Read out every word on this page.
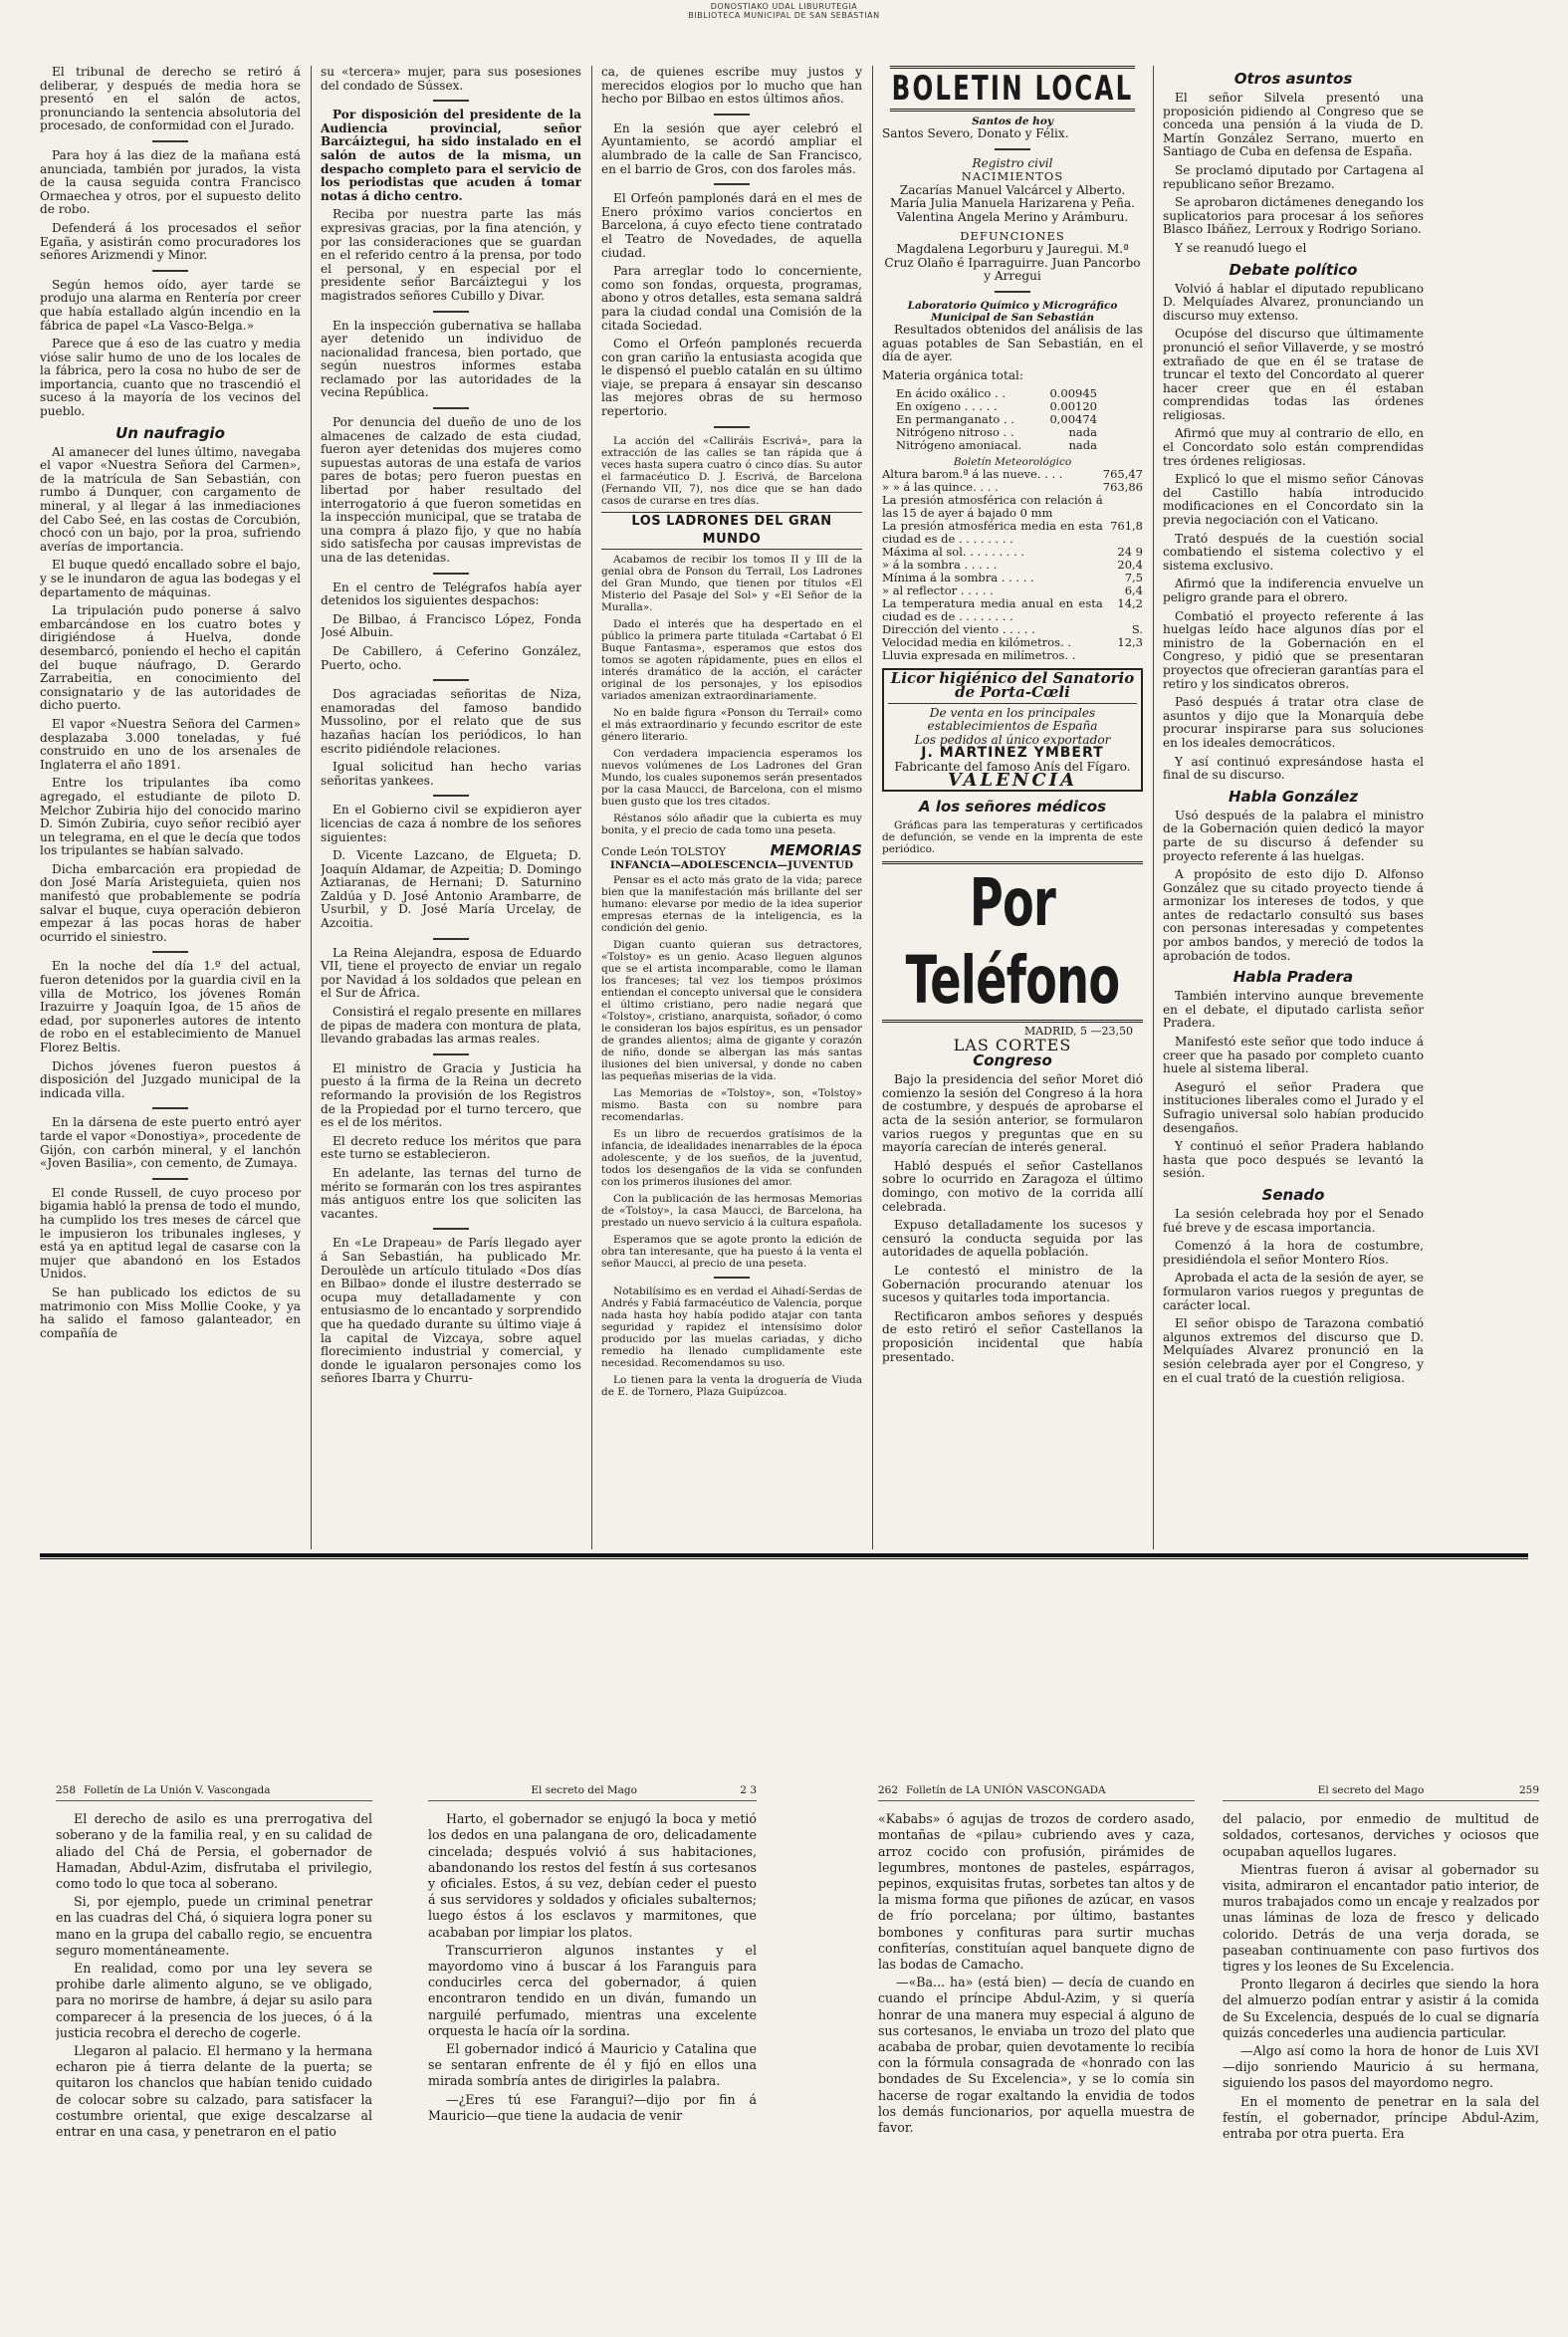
DONOSTIAKO UDAL LIBURUTEGIA
BIBLIOTECA MUNICIPAL DE SAN SEBASTIAN

El tribunal de derecho se retiró á deliberar, y después de media hora se presentó en el salón de actos, pronunciando la sentencia absolutoria del procesado, de conformidad con el Jurado.

Para hoy á las diez de la mañana está anunciada, también por jurados, la vista de la causa seguida contra Francisco Ormaechea y otros, por el supuesto delito de robo.

Defenderá á los procesados el señor Egaña, y asistirán como procuradores los señores Arizmendi y Minor.

Según hemos oído, ayer tarde se produjo una alarma en Rentería por creer que había estallado algún incendio en la fábrica de papel «La Vasco-Belga.»

Parece que á eso de las cuatro y media vióse salir humo de uno de los locales de la fábrica, pero la cosa no hubo de ser de importancia, cuanto que no trascendió el suceso á la mayoría de los vecinos del pueblo.

Un naufragio

Al amanecer del lunes último, navegaba el vapor «Nuestra Señora del Carmen», de la matrícula de San Sebastián, con rumbo á Dunquer, con cargamento de mineral, y al llegar á las inmediaciones del Cabo Seé, en las costas de Corcubión, chocó con un bajo, por la proa, sufriendo averías de importancia.

El buque quedó encallado sobre el bajo, y se le inundaron de agua las bodegas y el departamento de máquinas.

La tripulación pudo ponerse á salvo embarcándose en los cuatro botes y dirigiéndose á Huelva, donde desembarcó, poniendo el hecho el capitán del buque náufrago, D. Gerardo Zarrabeitia, en conocimiento del consignatario y de las autoridades de dicho puerto.

El vapor «Nuestra Señora del Carmen» desplazaba 3.000 toneladas, y fué construido en uno de los arsenales de Inglaterra el año 1891.

Entre los tripulantes iba como agregado, el estudiante de piloto D. Melchor Zubiria hijo del conocido marino D. Simón Zubiria, cuyo señor recibió ayer un telegrama, en el que le decía que todos los tripulantes se habían salvado.

Dicha embarcación era propiedad de don José María Aristeguieta, quien nos manifestó que probablemente se podría salvar el buque, cuya operación debieron empezar á las pocas horas de haber ocurrido el siniestro.

En la noche del día 1.º del actual, fueron detenidos por la guardia civil en la villa de Motrico, los jóvenes Román Irazuirre y Joaquín Igoa, de 15 años de edad, por suponerles autores de intento de robo en el establecimiento de Manuel Florez Beltis.

Dichos jóvenes fueron puestos á disposición del Juzgado municipal de la indicada villa.

En la dársena de este puerto entró ayer tarde el vapor «Donostiya», procedente de Gijón, con carbón mineral, y el lanchón «Joven Basilia», con cemento, de Zumaya.

El conde Russell, de cuyo proceso por bigamia habló la prensa de todo el mundo, ha cumplido los tres meses de cárcel que le impusieron los tribunales ingleses, y está ya en aptitud legal de casarse con la mujer que abandonó en los Estados Unidos.

Se han publicado los edictos de su matrimonio con Miss Mollie Cooke, y ya ha salido el famoso galanteador, en compañía de

su «tercera» mujer, para sus posesiones del condado de Sússex.

Por disposición del presidente de la Audiencia provincial, señor Barcáiztegui, ha sido instalado en el salón de autos de la misma, un despacho completo para el servicio de los periodistas que acuden á tomar notas á dicho centro.

Reciba por nuestra parte las más expresivas gracias, por la fina atención, y por las consideraciones que se guardan en el referido centro á la prensa, por todo el personal, y en especial por el presidente señor Barcáiztegui y los magistrados señores Cubillo y Divar.

En la inspección gubernativa se hallaba ayer detenido un individuo de nacionalidad francesa, bien portado, que según nuestros informes estaba reclamado por las autoridades de la vecina República.

Por denuncia del dueño de uno de los almacenes de calzado de esta ciudad, fueron ayer detenidas dos mujeres como supuestas autoras de una estafa de varios pares de botas; pero fueron puestas en libertad por haber resultado del interrogatorio á que fueron sometidas en la inspección municipal, que se trataba de una compra á plazo fijo, y que no había sido satisfecha por causas imprevistas de una de las detenidas.

En el centro de Telégrafos había ayer detenidos los siguientes despachos:

De Bilbao, á Francisco López, Fonda José Albuin.

De Cabillero, á Ceferino González, Puerto, ocho.

Dos agraciadas señoritas de Niza, enamoradas del famoso bandido Mussolino, por el relato que de sus hazañas hacían los periódicos, lo han escrito pidiéndole relaciones.

Igual solicitud han hecho varias señoritas yankees.

En el Gobierno civil se expidieron ayer licencias de caza á nombre de los señores siguientes:

D. Vicente Lazcano, de Elgueta; D. Joaquín Aldamar, de Azpeitia; D. Domingo Aztiaranas, de Hernani; D. Saturnino Zaldúa y D. José Antonio Arambarre, de Usurbil, y D. José María Urcelay, de Azcoitia.

La Reina Alejandra, esposa de Eduardo VII, tiene el proyecto de enviar un regalo por Navidad á los soldados que pelean en el Sur de África.

Consistirá el regalo presente en millares de pipas de madera con montura de plata, llevando grabadas las armas reales.

El ministro de Gracia y Justicia ha puesto á la firma de la Reina un decreto reformando la provisión de los Registros de la Propiedad por el turno tercero, que es el de los méritos.

El decreto reduce los méritos que para este turno se establecieron.

En adelante, las ternas del turno de mérito se formarán con los tres aspirantes más antiguos entre los que soliciten las vacantes.

En «Le Drapeau» de París llegado ayer á San Sebastián, ha publicado Mr. Deroulède un artículo titulado «Dos días en Bilbao» donde el ilustre desterrado se ocupa muy detalladamente y con entusiasmo de lo encantado y sorprendido que ha quedado durante su último viaje á la capital de Vizcaya, sobre aquel florecimiento industrial y comercial, y donde le igualaron personajes como los señores Ibarra y Churru-

ca, de quienes escribe muy justos y merecidos elogios por lo mucho que han hecho por Bilbao en estos últimos años.

En la sesión que ayer celebró el Ayuntamiento, se acordó ampliar el alumbrado de la calle de San Francisco, en el barrio de Gros, con dos faroles más.

El Orfeón pamplonés dará en el mes de Enero próximo varios conciertos en Barcelona, á cuyo efecto tiene contratado el Teatro de Novedades, de aquella ciudad.

Para arreglar todo lo concerniente, como son fondas, orquesta, programas, abono y otros detalles, esta semana saldrá para la ciudad condal una Comisión de la citada Sociedad.

Como el Orfeón pamplonés recuerda con gran cariño la entusiasta acogida que le dispensó el pueblo catalán en su último viaje, se prepara á ensayar sin descanso las mejores obras de su hermoso repertorio.

La acción del «Calliráis Escrivá», para la extracción de las calles se tan rápida que á veces hasta supera cuatro ó cinco días. Su autor el farmacéutico D. J. Escrivá, de Barcelona (Fernando VII, 7), nos dice que se han dado casos de curarse en tres días.

LOS LADRONES DEL GRAN MUNDO

Acabamos de recibir los tomos II y III de la genial obra de Ponson du Terrail, Los Ladrones del Gran Mundo, que tienen por títulos «El Misterio del Pasaje del Sol» y «El Señor de la Muralla».

Dado el interés que ha despertado en el público la primera parte titulada «Cartabat ó El Buque Fantasma», esperamos que estos dos tomos se agoten rápidamente, pues en ellos el interés dramático de la acción, el carácter original de los personajes, y los episodios variados amenizan extraordinariamente.

No en balde figura «Ponson du Terrail» como el más extraordinario y fecundo escritor de este género literario.

Con verdadera impaciencia esperamos los nuevos volúmenes de Los Ladrones del Gran Mundo, los cuales suponemos serán presentados por la casa Maucci, de Barcelona, con el mismo buen gusto que los tres citados.

Réstanos sólo añadir que la cubierta es muy bonita, y el precio de cada tomo una peseta.

Conde León TOLSTOY	MEMORIAS
INFANCIA—ADOLESCENCIA—JUVENTUD

Pensar es el acto más grato de la vida; parece bien que la manifestación más brillante del ser humano: elevarse por medio de la idea superior empresas eternas de la inteligencia, es la condición del genio.

Digan cuanto quieran sus detractores, «Tolstoy» es un genio. Acaso lleguen algunos que se el artista incomparable, como le llaman los franceses; tal vez los tiempos próximos entiendan el concepto universal que le considera el último cristiano, pero nadie negará que «Tolstoy», cristiano, anarquista, soñador, ó como le consideran los bajos espíritus, es un pensador de grandes alientos; alma de gigante y corazón de niño, donde se albergan las más santas ilusiones del bien universal, y donde no caben las pequeñas miserias de la vida.

Las Memorias de «Tolstoy», son, «Tolstoy» mismo. Basta con su nombre para recomendarlas.

Es un libro de recuerdos gratísimos de la infancia, de idealidades inenarrables de la época adolescente, y de los sueños, de la juventud, todos los desengaños de la vida se confunden con los primeros ilusiones del amor.

Con la publicación de las hermosas Memorias de «Tolstoy», la casa Maucci, de Barcelona, ha prestado un nuevo servicio á la cultura española.

Esperamos que se agote pronto la edición de obra tan interesante, que ha puesto á la venta el señor Maucci, al precio de una peseta.

Notabilísimo es en verdad el Aihadí-Serdas de Andrés y Fabiá farmacéutico de Valencia, porque nada hasta hoy había podido atajar con tanta seguridad y rapidez el intensísimo dolor producido por las muelas cariadas, y dicho remedio ha llenado cumplidamente este necesidad. Recomendamos su uso.

Lo tienen para la venta la droguería de Viuda de E. de Tornero, Plaza Guipúzcoa.

BOLETIN LOCAL
Santos de hoy

Santos Severo, Donato y Félix.

Registro civil
NACIMIENTOS

Zacarías Manuel Valcárcel y Alberto. María Julia Manuela Harizarena y Peña. Valentina Angela Merino y Arámburu.

DEFUNCIONES

Magdalena Legorburu y Jauregui. M.ª Cruz Olaño é Iparraguirre. Juan Pancorbo y Arregui

Laboratorio Químico y Micrográfico
Municipal de San Sebastián

Resultados obtenidos del análisis de las aguas potables de San Sebastián, en el día de ayer.

Materia orgánica total:

En ácido oxálico . .	0.00945
En oxígeno . . . . .	0.00120
En permanganato . .	0,00474
Nitrógeno nitroso . .	nada
Nitrógeno amoniacal.	nada
Boletín Meteorológico
Altura barom.ª á las nueve. . . .	765,47
» » á las quince. . . .	763,86
La presión atmosférica con relación á las 15 de ayer á bajado 0 mm	
La presión atmosférica media en esta ciudad es de . . . . . . . .	761,8
Máxima al sol. . . . . . . . .	24 9
» á la sombra . . . . .	20,4
Mínima á la sombra . . . . .	7,5
» al reflector . . . . .	6,4
La temperatura media anual en esta ciudad es de . . . . . . . .	14,2
Dirección del viento . . . . .	S.
Velocidad media en kilómetros. .	12,3
Lluvia expresada en milímetros. .	
Licor higiénico del Sanatorio de Porta-Cœli
De venta en los principales
establecimientos de España
Los pedidos al único exportador
J. MARTINEZ YMBERT
Fabricante del famoso Anís del Fígaro.
VALENCIA
A los señores médicos

Gráficas para las temperaturas y certificados de defunción, se vende en la imprenta de este periódico.

Por Teléfono
MADRID, 5 —23,50
LAS CORTES
Congreso

Bajo la presidencia del señor Moret dió comienzo la sesión del Congreso á la hora de costumbre, y después de aprobarse el acta de la sesión anterior, se formularon varios ruegos y preguntas que en su mayoría carecían de interés general.

Habló después el señor Castellanos sobre lo ocurrido en Zaragoza el último domingo, con motivo de la corrida allí celebrada.

Expuso detalladamente los sucesos y censuró la conducta seguida por las autoridades de aquella población.

Le contestó el ministro de la Gobernación procurando atenuar los sucesos y quitarles toda importancia.

Rectificaron ambos señores y después de esto retiró el señor Castellanos la proposición incidental que había presentado.

Otros asuntos

El señor Silvela presentó una proposición pidiendo al Congreso que se conceda una pensión á la viuda de D. Martín González Serrano, muerto en Santiago de Cuba en defensa de España.

Se proclamó diputado por Cartagena al republicano señor Brezamo.

Se aprobaron dictámenes denegando los suplicatorios para procesar á los señores Blasco Ibáñez, Lerroux y Rodrigo Soriano.

Y se reanudó luego el

Debate político

Volvió á hablar el diputado republicano D. Melquíades Alvarez, pronunciando un discurso muy extenso.

Ocupóse del discurso que últimamente pronunció el señor Villaverde, y se mostró extrañado de que en él se tratase de truncar el texto del Concordato al querer hacer creer que en él estaban comprendidas todas las órdenes religiosas.

Afirmó que muy al contrario de ello, en el Concordato solo están comprendidas tres órdenes religiosas.

Explicó lo que el mismo señor Cánovas del Castillo había introducido modificaciones en el Concordato sin la previa negociación con el Vaticano.

Trató después de la cuestión social combatiendo el sistema colectivo y el sistema exclusivo.

Afirmó que la indiferencia envuelve un peligro grande para el obrero.

Combatió el proyecto referente á las huelgas leído hace algunos días por el ministro de la Gobernación en el Congreso, y pidió que se presentaran proyectos que ofrecieran garantías para el retiro y los sindicatos obreros.

Pasó después á tratar otra clase de asuntos y dijo que la Monarquía debe procurar inspirarse para sus soluciones en los ideales democráticos.

Y así continuó expresándose hasta el final de su discurso.

Habla González

Usó después de la palabra el ministro de la Gobernación quien dedicó la mayor parte de su discurso á defender su proyecto referente á las huelgas.

A propósito de esto dijo D. Alfonso González que su citado proyecto tiende á armonizar los intereses de todos, y que antes de redactarlo consultó sus bases con personas interesadas y competentes por ambos bandos, y mereció de todos la aprobación de todos.

Habla Pradera

También intervino aunque brevemente en el debate, el diputado carlista señor Pradera.

Manifestó este señor que todo induce á creer que ha pasado por completo cuanto huele al sistema liberal.

Aseguró el señor Pradera que instituciones liberales como el Jurado y el Sufragio universal solo habían producido desengaños.

Y continuó el señor Pradera hablando hasta que poco después se levantó la sesión.

Senado

La sesión celebrada hoy por el Senado fué breve y de escasa importancia.

Comenzó á la hora de costumbre, presidiéndola el señor Montero Ríos.

Aprobada el acta de la sesión de ayer, se formularon varios ruegos y preguntas de carácter local.

El señor obispo de Tarazona combatió algunos extremos del discurso que D. Melquíades Alvarez pronunció en la sesión celebrada ayer por el Congreso, y en el cual trató de la cuestión religiosa.

258 Folletín de La Unión V. Vascongada

El derecho de asilo es una prerrogativa del soberano y de la familia real, y en su calidad de aliado del Chá de Persia, el gobernador de Hamadan, Abdul-Azim, disfrutaba el privilegio, como todo lo que toca al soberano.

Si, por ejemplo, puede un criminal penetrar en las cuadras del Chá, ó siquiera logra poner su mano en la grupa del caballo regio, se encuentra seguro momentáneamente.

En realidad, como por una ley severa se prohibe darle alimento alguno, se ve obligado, para no morirse de hambre, á dejar su asilo para comparecer á la presencia de los jueces, ó á la justicia recobra el derecho de cogerle.

Llegaron al palacio. El hermano y la hermana echaron pie á tierra delante de la puerta; se quitaron los chanclos que habían tenido cuidado de colocar sobre su calzado, para satisfacer la costumbre oriental, que exige descalzarse al entrar en una casa, y penetraron en el patio

El secreto del Mago	2 3

Harto, el gobernador se enjugó la boca y metió los dedos en una palangana de oro, delicadamente cincelada; después volvió á sus habitaciones, abandonando los restos del festín á sus cortesanos y oficiales. Estos, á su vez, debían ceder el puesto á sus servidores y soldados y oficiales subalternos; luego éstos á los esclavos y marmitones, que acababan por limpiar los platos.

Transcurrieron algunos instantes y el mayordomo vino á buscar á los Faranguis para conducirles cerca del gobernador, á quien encontraron tendido en un diván, fumando un narguilé perfumado, mientras una excelente orquesta le hacía oír la sordina.

El gobernador indicó á Mauricio y Catalina que se sentaran enfrente de él y fijó en ellos una mirada sombría antes de dirigirles la palabra.

—¿Eres tú ese Farangui?—dijo por fin á Mauricio—que tiene la audacia de venir

262 Folletín de LA UNIÓN VASCONGADA

«Kababs» ó agujas de trozos de cordero asado, montañas de «pilau» cubriendo aves y caza, arroz cocido con profusión, pirámides de legumbres, montones de pasteles, espárragos, pepinos, exquisitas frutas, sorbetes tan altos y de la misma forma que piñones de azúcar, en vasos de frío porcelana; por último, bastantes bombones y confituras para surtir muchas confiterías, constituían aquel banquete digno de las bodas de Camacho.

—«Ba... ha» (está bien) — decía de cuando en cuando el príncipe Abdul-Azim, y si quería honrar de una manera muy especial á alguno de sus cortesanos, le enviaba un trozo del plato que acababa de probar, quien devotamente lo recibía con la fórmula consagrada de «honrado con las bondades de Su Excelencia», y se lo comía sin hacerse de rogar exaltando la envidia de todos los demás funcionarios, por aquella muestra de favor.

El secreto del Mago	259

del palacio, por enmedio de multitud de soldados, cortesanos, derviches y ociosos que ocupaban aquellos lugares.

Mientras fueron á avisar al gobernador su visita, admiraron el encantador patio interior, de muros trabajados como un encaje y realzados por unas láminas de loza de fresco y delicado colorido. Detrás de una verja dorada, se paseaban continuamente con paso furtivos dos tigres y los leones de Su Excelencia.

Pronto llegaron á decirles que siendo la hora del almuerzo podían entrar y asistir á la comida de Su Excelencia, después de lo cual se dignaría quizás concederles una audiencia particular.

—Algo así como la hora de honor de Luis XVI—dijo sonriendo Mauricio á su hermana, siguiendo los pasos del mayordomo negro.

En el momento de penetrar en la sala del festín, el gobernador, príncipe Abdul-Azim, entraba por otra puerta. Era
